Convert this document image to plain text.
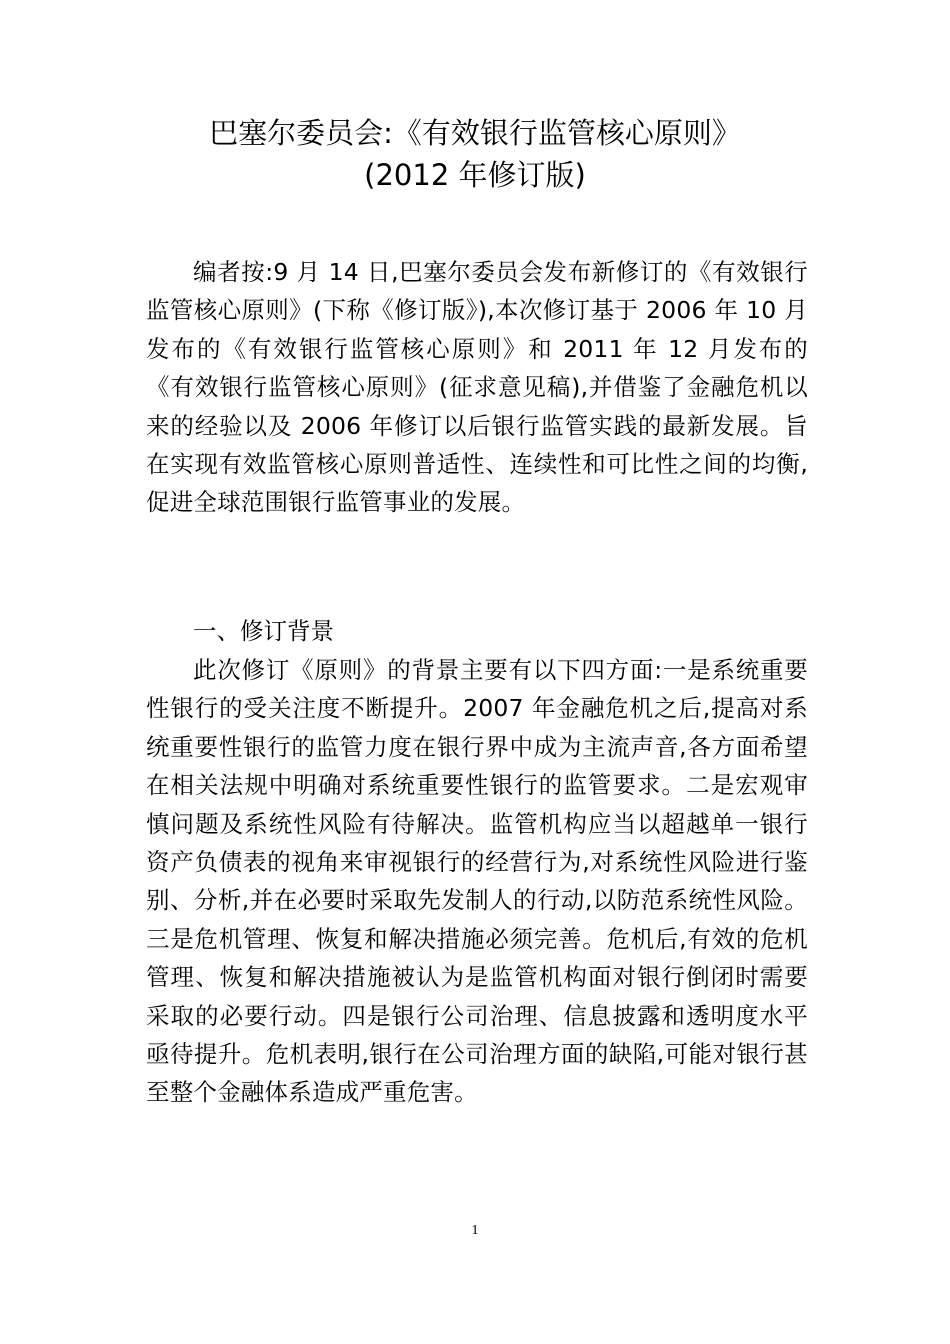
巴塞尔委员会:《有效银行监管核心原则》
(2012 年修订版)

编者按:9 月 14 日,巴塞尔委员会发布新修订的《有效银行监管核心原则》(下称《修订版》),本次修订基于 2006 年 10 月发布的《有效银行监管核心原则》和 2011 年 12 月发布的《有效银行监管核心原则》(征求意见稿),并借鉴了金融危机以来的经验以及 2006 年修订以后银行监管实践的最新发展。旨在实现有效监管核心原则普适性、连续性和可比性之间的均衡,促进全球范围银行监管事业的发展。

一、修订背景

此次修订《原则》的背景主要有以下四方面:一是系统重要性银行的受关注度不断提升。2007 年金融危机之后,提高对系统重要性银行的监管力度在银行界中成为主流声音,各方面希望在相关法规中明确对系统重要性银行的监管要求。二是宏观审慎问题及系统性风险有待解决。监管机构应当以超越单一银行资产负债表的视角来审视银行的经营行为,对系统性风险进行鉴别、分析,并在必要时采取先发制人的行动,以防范系统性风险。三是危机管理、恢复和解决措施必须完善。危机后,有效的危机管理、恢复和解决措施被认为是监管机构面对银行倒闭时需要采取的必要行动。四是银行公司治理、信息披露和透明度水平亟待提升。危机表明,银行在公司治理方面的缺陷,可能对银行甚至整个金融体系造成严重危害。

1
